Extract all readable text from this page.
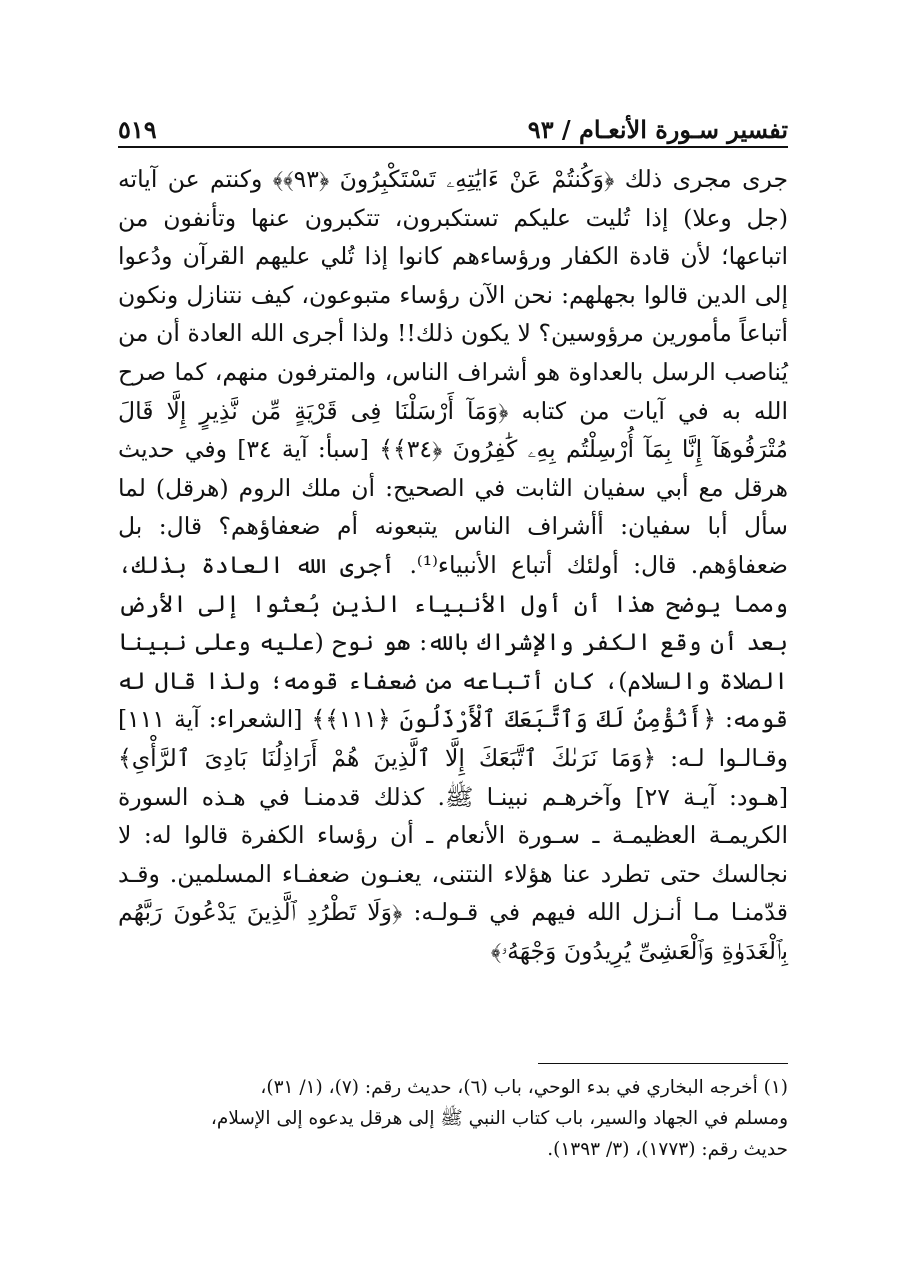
تفسير سـورة الأنعـام / ٩٣
٥١٩

جرى مجرى ذلك ﴿وَكُنتُمْ عَنْ ءَايَٰتِهِۦ تَسْتَكْبِرُونَ ﴿٩٣﴾﴾ وكنتم عن آياته (جل وعلا) إذا تُليت عليكم تستكبرون، تتكبرون عنها وتأنفون من اتباعها؛ لأن قادة الكفار ورؤساءهم كانوا إذا تُلي عليهم القرآن ودُعوا إلى الدين قالوا بجهلهم: نحن الآن رؤساء متبوعون، كيف نتنازل ونكون أتباعاً مأمورين مرؤوسين؟ لا يكون ذلك!! ولذا أجرى الله العادة أن من يُناصب الرسل بالعداوة هو أشراف الناس، والمترفون منهم، كما صرح الله به في آيات من كتابه ﴿وَمَآ أَرْسَلْنَا فِى قَرْيَةٍ مِّن نَّذِيرٍ إِلَّا قَالَ مُتْرَفُوهَآ إِنَّا بِمَآ أُرْسِلْتُم بِهِۦ كَٰفِرُونَ ﴿٣٤﴾﴾ [سبأ: آية ٣٤] وفي حديث هرقل مع أبي سفيان الثابت في الصحيح: أن ملك الروم (هرقل) لما سأل أبا سفيان: أأشراف الناس يتبعونه أم ضعفاؤهم؟ قال: بل ضعفاؤهم. قال: أولئك أتباع الأنبياء⁽¹⁾. أجرى الله العادة بذلك، ومما يوضح هذا أن أول الأنبياء الذين بُعثوا إلى الأرض بعد أن وقع الكفر والإشراك بالله: هو نوح (عليه وعلى نبينا الصلاة والسلام)، كان أتباعه من ضعفاء قومه؛ ولذا قال له قومه: ﴿أَنُؤْمِنُ لَكَ وَٱتَّبَعَكَ ٱلْأَرْذَلُونَ ﴿١١١﴾﴾ [الشعراء: آية ١١١] وقـالـوا لـه: ﴿وَمَا نَرَىٰكَ ٱتَّبَعَكَ إِلَّا ٱلَّذِينَ هُمْ أَرَاذِلُنَا بَادِىَ ٱلرَّأْىِ﴾ [هـود: آيـة ٢٧] وآخرهـم نبينـا ﷺ. كذلك قدمنـا في هـذه السورة الكريمـة العظيمـة ـ سـورة الأنعام ـ أن رؤساء الكفرة قالوا له: لا نجالسك حتى تطرد عنا هؤلاء النتنى، يعنـون ضعفـاء المسلمين. وقـد قدّمنـا مـا أنـزل الله فيهم في قـولـه: ﴿وَلَا تَطْرُدِ ٱلَّذِينَ يَدْعُونَ رَبَّهُم بِٱلْغَدَوٰةِ وَٱلْعَشِىِّ يُرِيدُونَ وَجْهَهُۥ﴾

(١) أخرجه البخاري في بدء الوحي، باب (٦)، حديث رقم: (٧)، (١/ ٣١)،

ومسلم في الجهاد والسير، باب كتاب النبي ﷺ إلى هرقل يدعوه إلى الإسلام،

حديث رقم: (١٧٧٣)، (٣/ ١٣٩٣).
